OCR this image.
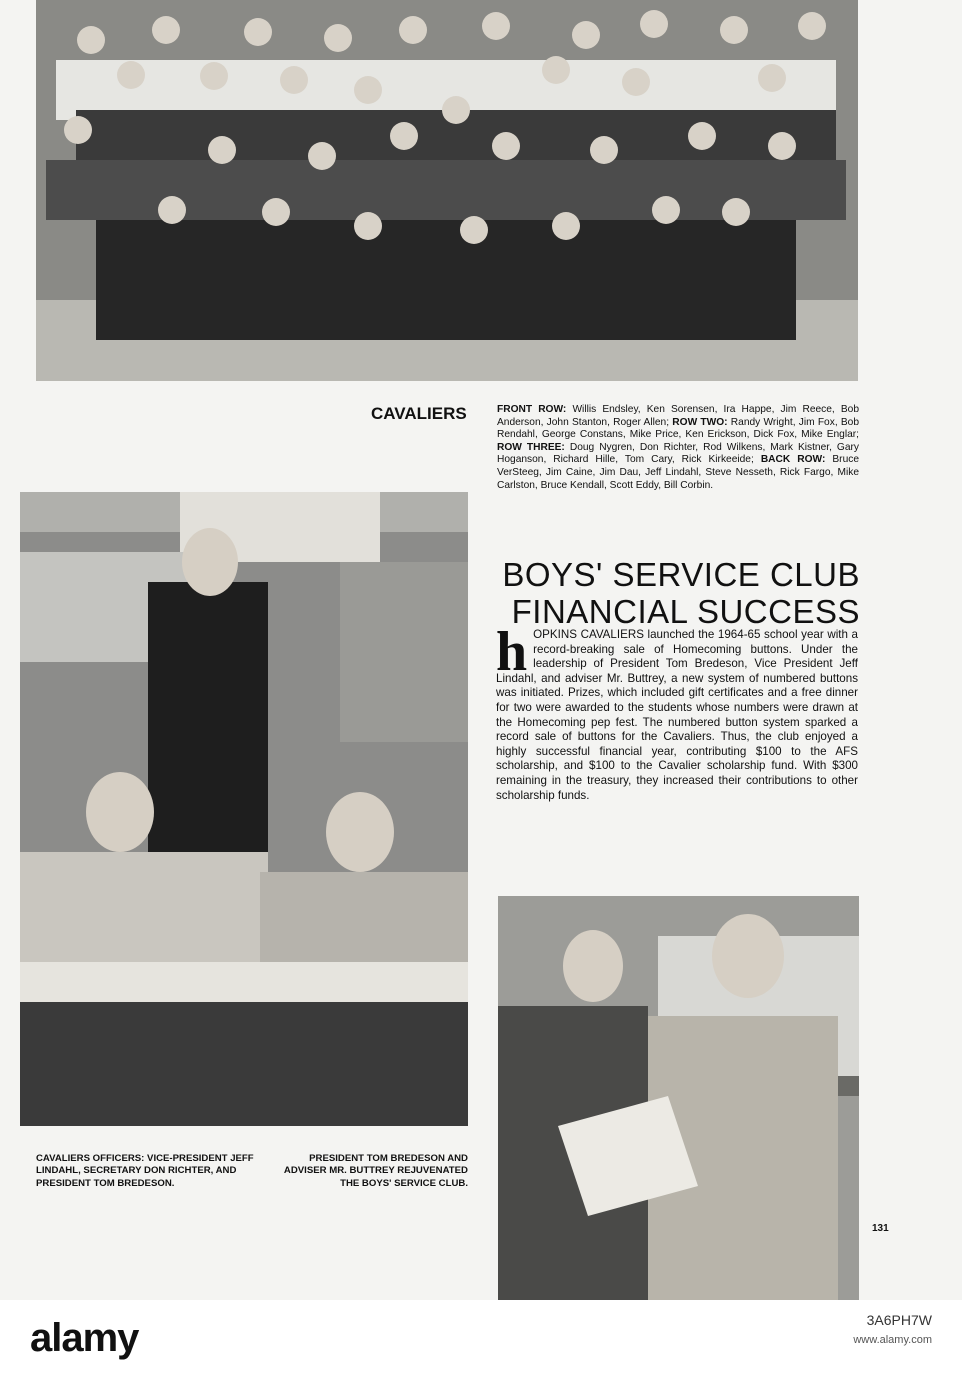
CAVALIERS	FRONT ROW: Willis Endsley, Ken Sorensen, Ira Happe, Jim Reece, Bob Anderson, John Stanton, Roger Allen; ROW TWO: Randy Wright, Jim Fox, Bob Rendahl, George Constans, Mike Price, Ken Erickson, Dick Fox, Mike Englar; ROW THREE: Doug Nygren, Don Richter, Rod Wilkens, Mark Kistner, Gary Hoganson, Richard Hille, Tom Cary, Rick Kirkeeide; BACK ROW: Bruce VerSteeg, Jim Caine, Jim Dau, Jeff Lindahl, Steve Nesseth, Rick Fargo, Mike Carlston, Bruce Kendall, Scott Eddy, Bill Corbin.
BOYS' SERVICE CLUB
FINANCIAL SUCCESS
h OPKINS CAVALIERS launched the 1964-65 school year with a record-breaking sale of Homecoming buttons. Under the leadership of President Tom Bredeson, Vice President Jeff Lindahl, and adviser Mr. Buttrey, a new system of numbered buttons was initiated. Prizes, which included gift certificates and a free dinner for two were awarded to the students whose numbers were drawn at the Homecoming pep fest. The numbered button system sparked a record sale of buttons for the Cavaliers. Thus, the club enjoyed a highly successful financial year, contributing $100 to the AFS scholarship, and $100 to the Cavalier scholarship fund. With $300 remaining in the treasury, they increased their contributions to other scholarship funds.
CAVALIERS OFFICERS: VICE-PRESIDENT JEFF LINDAHL, SECRETARY DON RICHTER, AND PRESIDENT TOM BREDESON.
PRESIDENT TOM BREDESON AND ADVISER MR. BUTTREY REJUVENATED THE BOYS' SERVICE CLUB.
131
alamy	3A6PH7W
www.alamy.com
